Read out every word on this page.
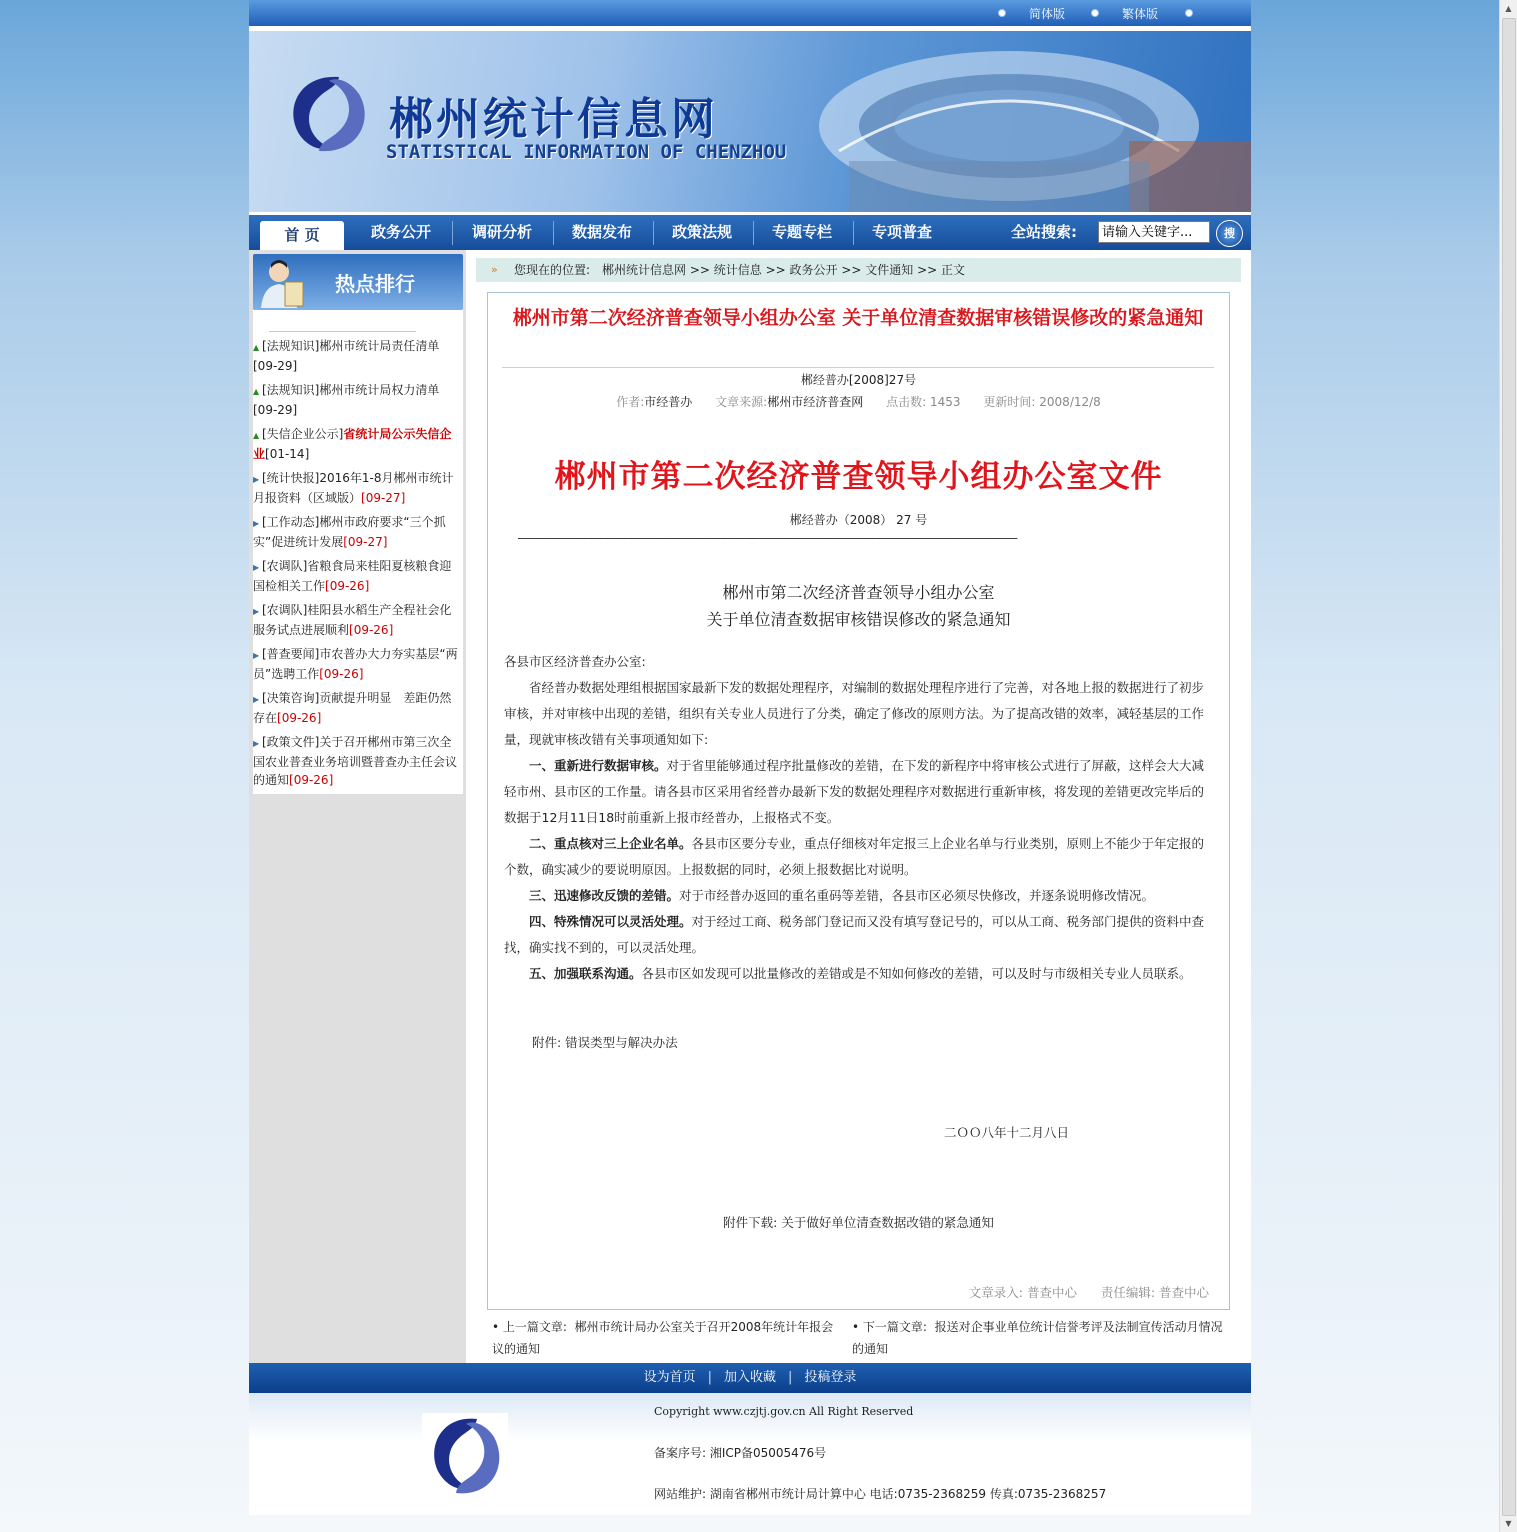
▲
▼
简体版	繁体版
郴州统计信息网
STATISTICAL INFORMATION OF CHENZHOU
首 页	政务公开	调研分析	数据发布	政策法规	专题专栏	专项普查	全站搜索:	请输入关键字...	搜
热点排行
▲ [法规知识]郴州市统计局责任清单
[09-29]
▲ [法规知识]郴州市统计局权力清单
[09-29]
▲ [失信企业公示]省统计局公示失信企业[01-14]
▶ [统计快报]2016年1-8月郴州市统计月报资料（区域版）[09-27]
▶ [工作动态]郴州市政府要求“三个抓实”促进统计发展[09-27]
▶ [农调队]省粮食局来桂阳夏核粮食迎国检相关工作[09-26]
▶ [农调队]桂阳县水稻生产全程社会化服务试点进展顺利[09-26]
▶ [普查要闻]市农普办大力夯实基层“两员”选聘工作[09-26]
▶ [决策咨询]贡献提升明显　差距仍然存在[09-26]
▶ [政策文件]关于召开郴州市第三次全国农业普查业务培训暨普查办主任会议的通知[09-26]
» 您现在的位置:　郴州统计信息网 >> 统计信息 >> 政务公开 >> 文件通知 >> 正文
郴州市第二次经济普查领导小组办公室 关于单位清查数据审核错误修改的紧急通知
郴经普办[2008]27号
作者:市经普办 文章来源:郴州市经济普查网 点击数: 1453 更新时间: 2008/12/8
郴州市第二次经济普查领导小组办公室文件
郴经普办（2008） 27 号
————————————————————————————————————————————————————————————————
郴州市第二次经济普查领导小组办公室
关于单位清查数据审核错误修改的紧急通知

各县市区经济普查办公室:

省经普办数据处理组根据国家最新下发的数据处理程序，对编制的数据处理程序进行了完善，对各地上报的数据进行了初步审核，并对审核中出现的差错，组织有关专业人员进行了分类，确定了修改的原则方法。为了提高改错的效率，减轻基层的工作量，现就审核改错有关事项通知如下:

一、重新进行数据审核。对于省里能够通过程序批量修改的差错，在下发的新程序中将审核公式进行了屏蔽，这样会大大减轻市州、县市区的工作量。请各县市区采用省经普办最新下发的数据处理程序对数据进行重新审核，将发现的差错更改完毕后的数据于12月11日18时前重新上报市经普办，上报格式不变。

二、重点核对三上企业名单。各县市区要分专业，重点仔细核对年定报三上企业名单与行业类别，原则上不能少于年定报的个数，确实减少的要说明原因。上报数据的同时，必须上报数据比对说明。

三、迅速修改反馈的差错。对于市经普办返回的重名重码等差错，各县市区必须尽快修改，并逐条说明修改情况。

四、特殊情况可以灵活处理。对于经过工商、税务部门登记而又没有填写登记号的，可以从工商、税务部门提供的资料中查找，确实找不到的，可以灵活处理。

五、加强联系沟通。各县市区如发现可以批量修改的差错或是不知如何修改的差错，可以及时与市级相关专业人员联系。

附件: 错误类型与解决办法
二ＯＯ八年十二月八日
附件下载: 关于做好单位清查数据改错的紧急通知
文章录入: 普查中心 责任编辑: 普查中心
• 上一篇文章: 郴州市统计局办公室关于召开2008年统计年报会议的通知
• 下一篇文章: 报送对企事业单位统计信誉考评及法制宣传活动月情况的通知
设为首页 | 加入收藏 | 投稿登录
Copyright www.czjtj.gov.cn All Right Reserved
备案序号: 湘ICP备05005476号
网站维护: 湖南省郴州市统计局计算中心 电话:0735-2368259 传真:0735-2368257
